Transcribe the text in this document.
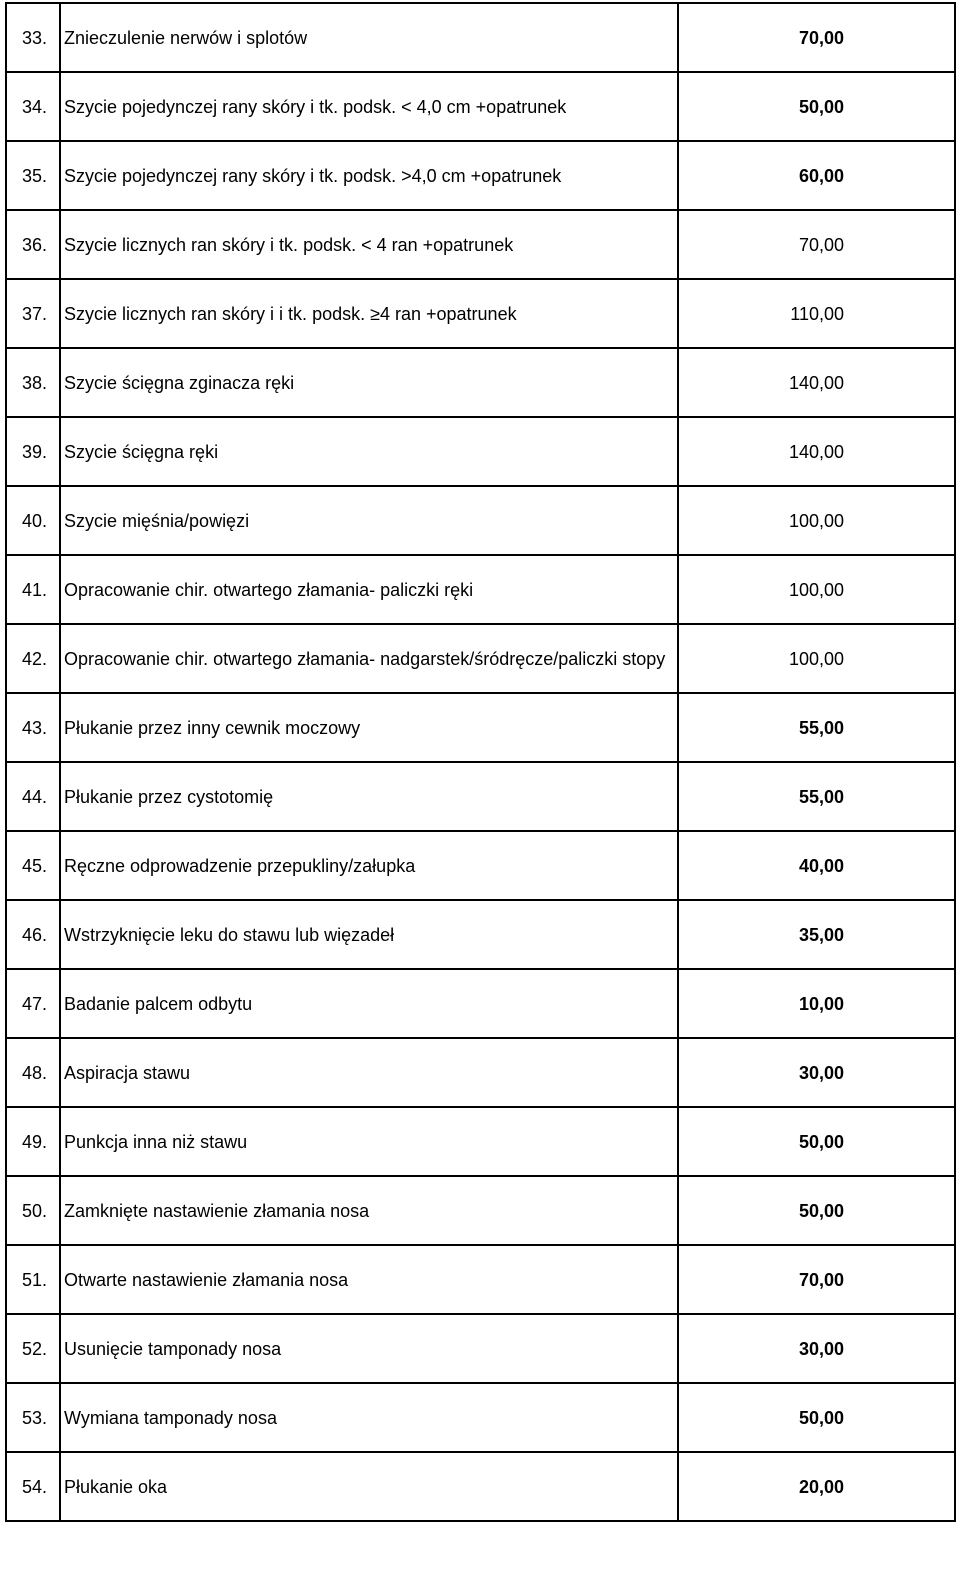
33.	Znieczulenie nerwów i splotów	70,00
34.	Szycie pojedynczej rany skóry i tk. podsk. < 4,0 cm +opatrunek	50,00
35.	Szycie pojedynczej rany skóry i tk. podsk. >4,0 cm +opatrunek	60,00
36.	Szycie licznych ran skóry i tk. podsk. < 4 ran +opatrunek	70,00
37.	Szycie licznych ran skóry i i tk. podsk. ≥4 ran +opatrunek	110,00
38.	Szycie ścięgna zginacza ręki	140,00
39.	Szycie ścięgna ręki	140,00
40.	Szycie mięśnia/powięzi	100,00
41.	Opracowanie chir. otwartego złamania- paliczki ręki	100,00
42.	Opracowanie chir. otwartego złamania- nadgarstek/śródręcze/paliczki stopy	100,00
43.	Płukanie przez inny cewnik moczowy	55,00
44.	Płukanie przez cystotomię	55,00
45.	Ręczne odprowadzenie przepukliny/załupka	40,00
46.	Wstrzyknięcie leku do stawu lub więzadeł	35,00
47.	Badanie palcem odbytu	10,00
48.	Aspiracja stawu	30,00
49.	Punkcja inna niż stawu	50,00
50.	Zamknięte nastawienie złamania nosa	50,00
51.	Otwarte nastawienie złamania nosa	70,00
52.	Usunięcie tamponady nosa	30,00
53.	Wymiana tamponady nosa	50,00
54.	Płukanie oka	20,00
